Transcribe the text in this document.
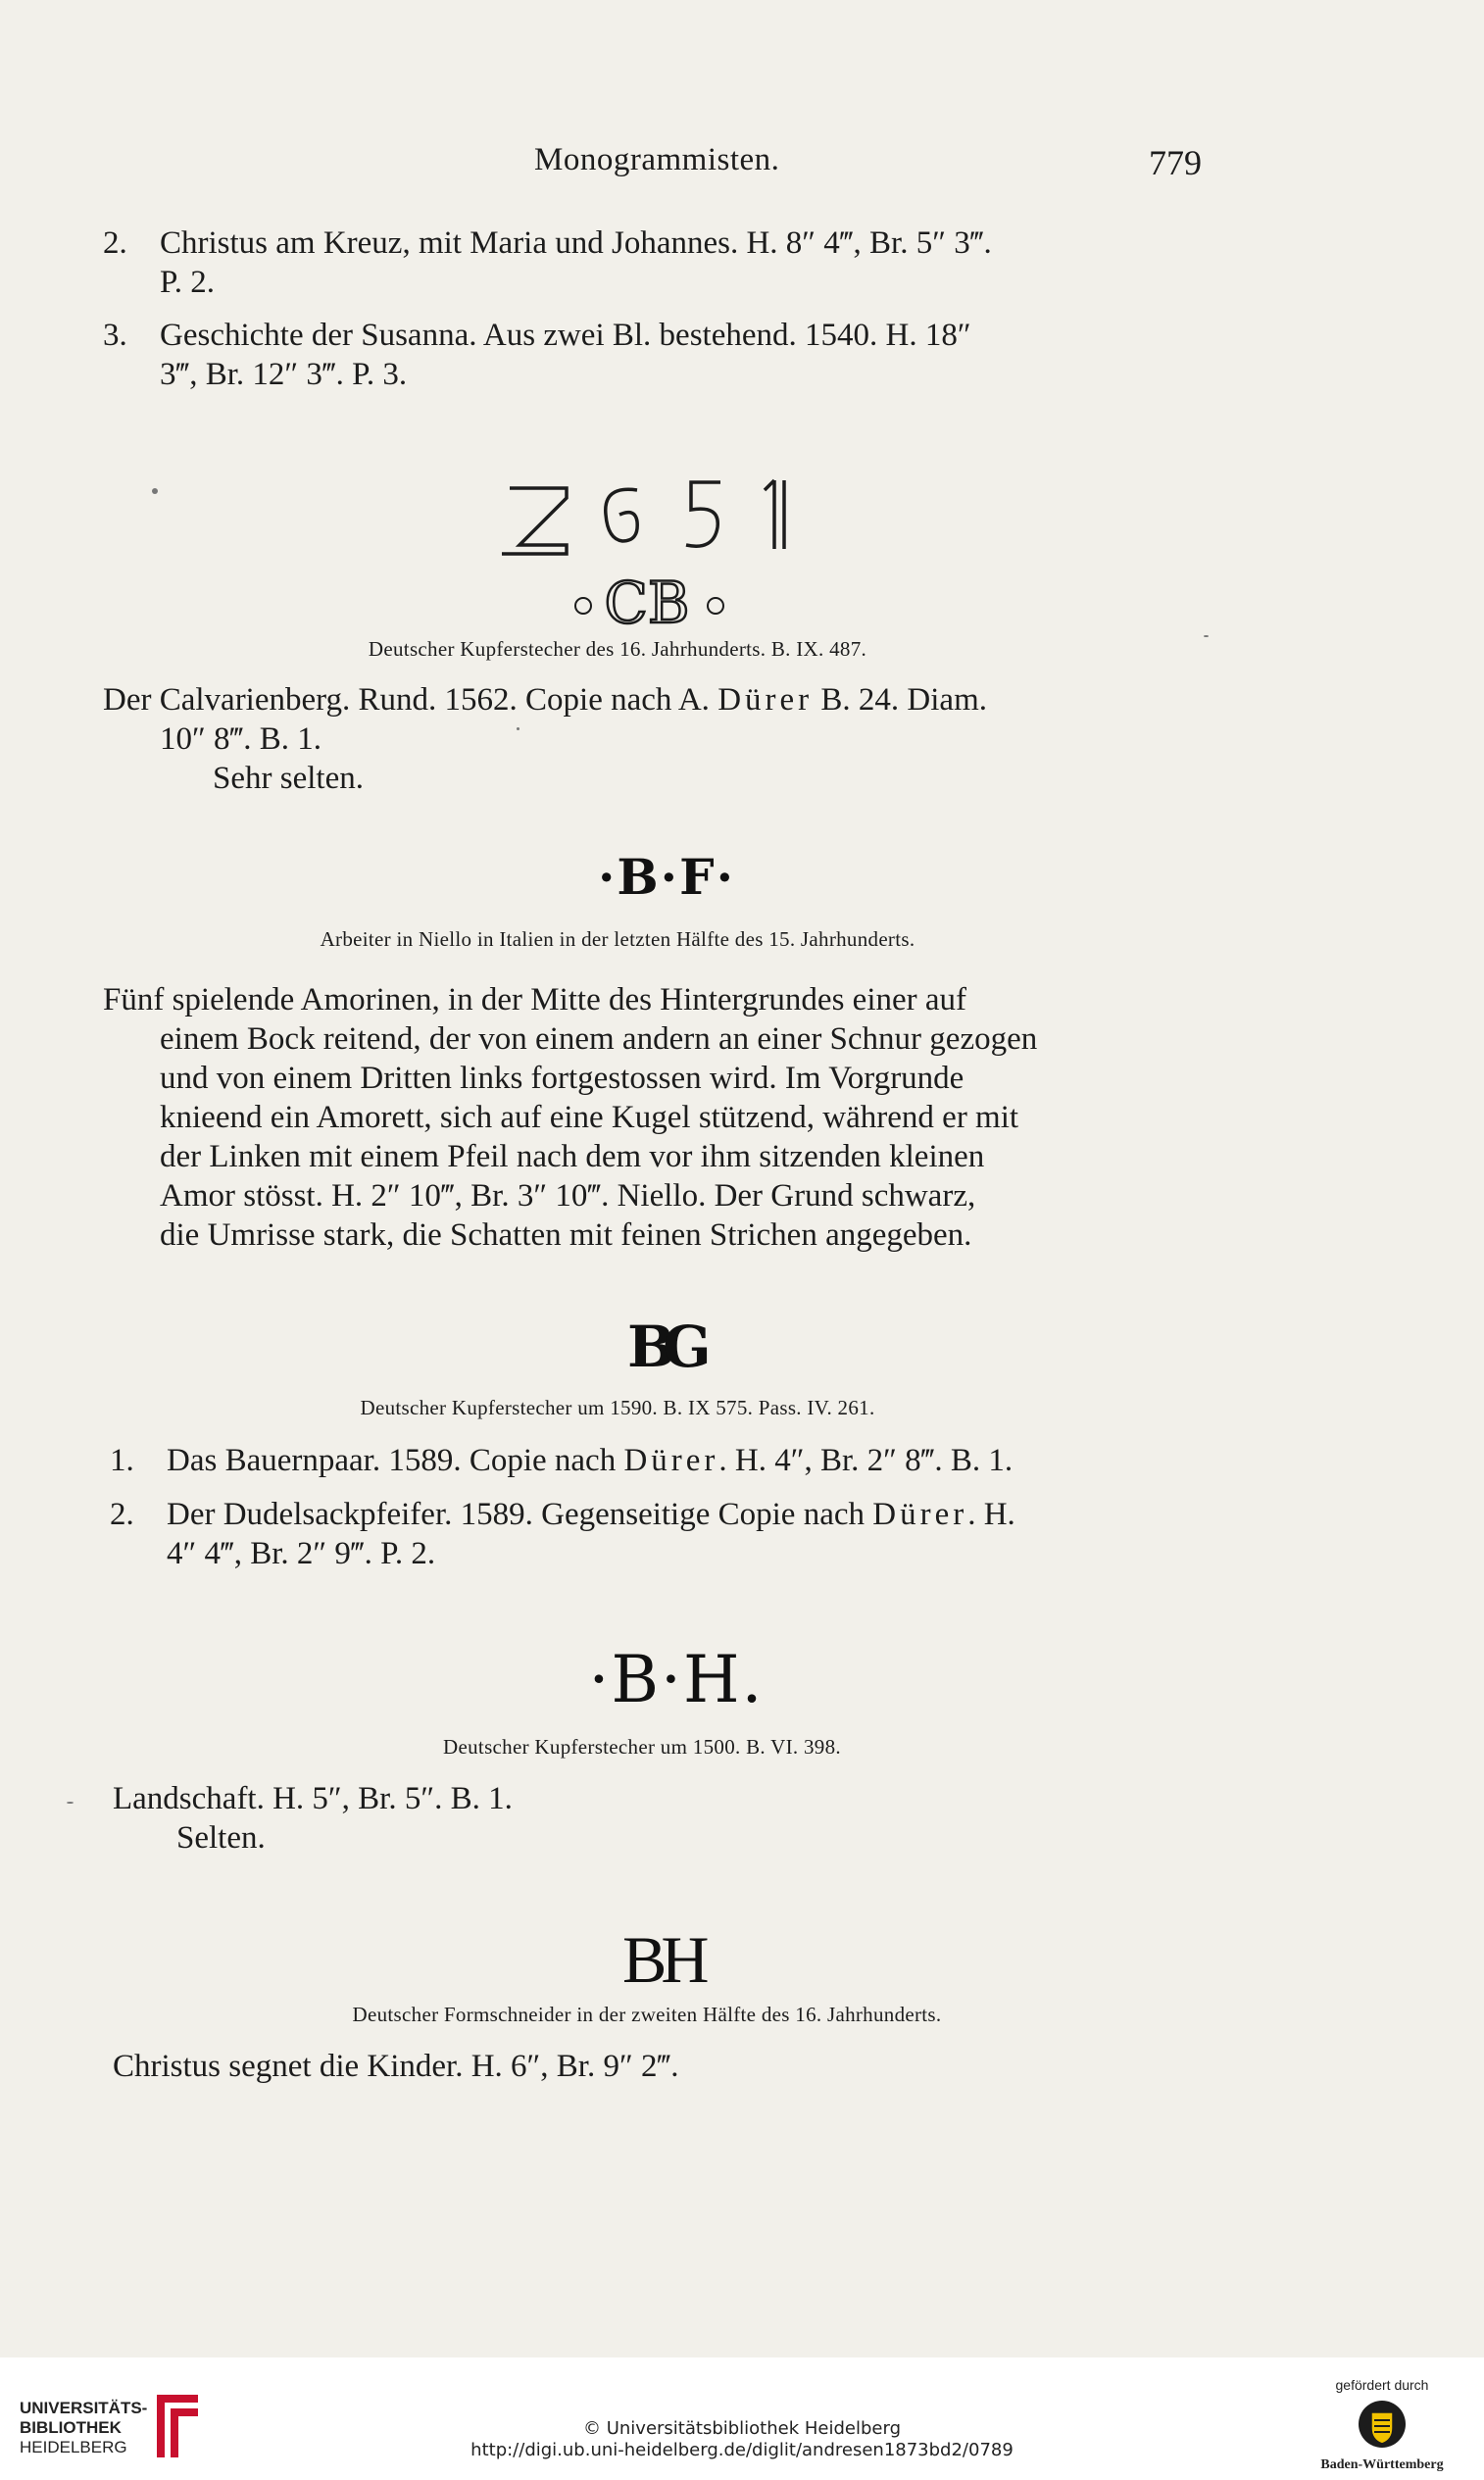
Monogrammisten.	779
2. Christus am Kreuz, mit Maria und Johannes. H. 8″ 4‴, Br. 5″ 3‴.
P. 2.
3. Geschichte der Susanna. Aus zwei Bl. bestehend. 1540. H. 18″
3‴, Br. 12″ 3‴. P. 3.
CB
Deutscher Kupferstecher des 16. Jahrhunderts. B. IX. 487.
Der Calvarienberg. Rund. 1562. Copie nach A. Dürer B. 24. Diam.
10″ 8‴. B. 1.
Sehr selten.
·B·F·
Arbeiter in Niello in Italien in der letzten Hälfte des 15. Jahrhunderts.
Fünf spielende Amorinen, in der Mitte des Hintergrundes einer auf
einem Bock reitend, der von einem andern an einer Schnur gezogen
und von einem Dritten links fortgestossen wird. Im Vorgrunde
knieend ein Amorett, sich auf eine Kugel stützend, während er mit
der Linken mit einem Pfeil nach dem vor ihm sitzenden kleinen
Amor stösst. H. 2″ 10‴, Br. 3″ 10‴. Niello. Der Grund schwarz,
die Umrisse stark, die Schatten mit feinen Strichen angegeben.
BG
Deutscher Kupferstecher um 1590. B. IX 575. Pass. IV. 261.
1. Das Bauernpaar. 1589. Copie nach Dürer. H. 4″, Br. 2″ 8‴. B. 1.
2. Der Dudelsackpfeifer. 1589. Gegenseitige Copie nach Dürer. H.
4″ 4‴, Br. 2″ 9‴. P. 2.
·B·H.
Deutscher Kupferstecher um 1500. B. VI. 398.
Landschaft. H. 5″, Br. 5″. B. 1.
Selten.
BH
Deutscher Formschneider in der zweiten Hälfte des 16. Jahrhunderts.
Christus segnet die Kinder. H. 6″, Br. 9″ 2‴.
UNIVERSITÄTS-
BIBLIOTHEK
HEIDELBERG
© Universitätsbibliothek Heidelberg
http://digi.ub.uni-heidelberg.de/diglit/andresen1873bd2/0789
gefördert durch
Baden-Württemberg
